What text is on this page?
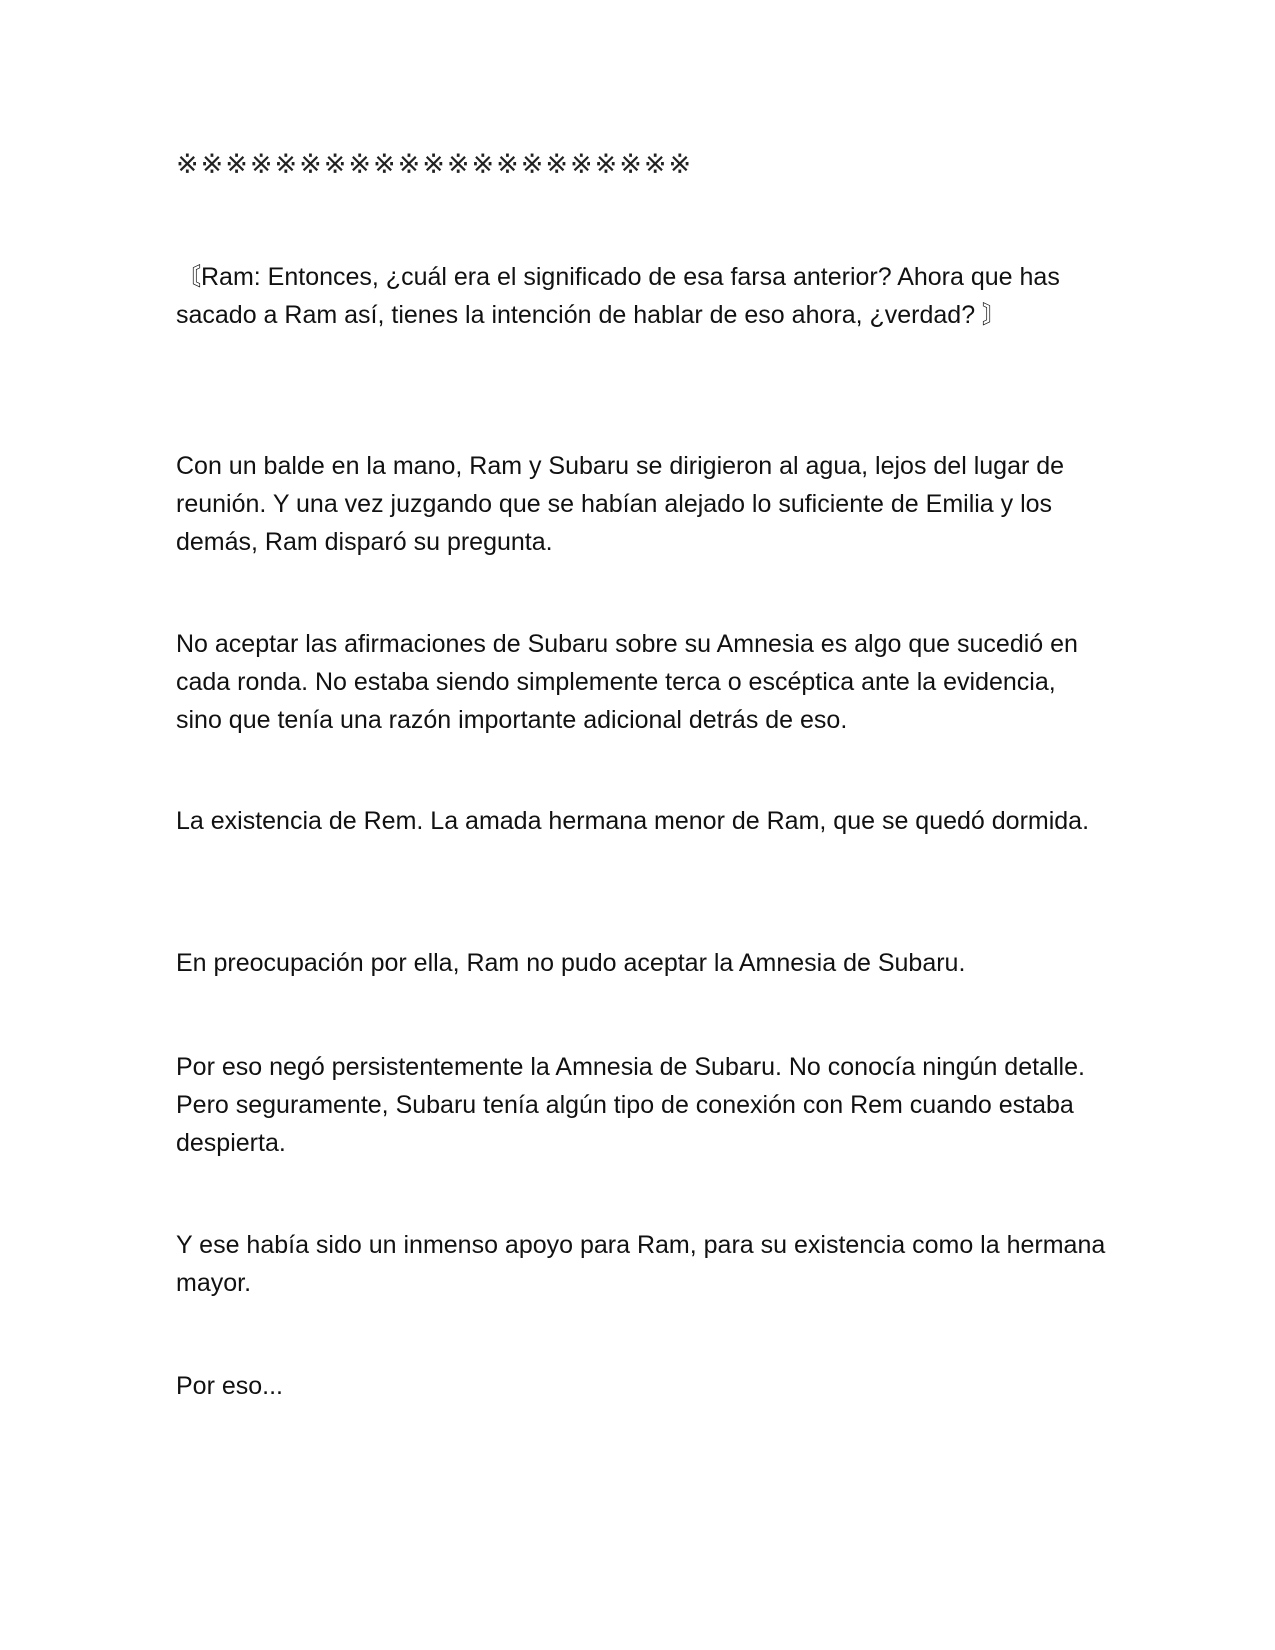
※※※※※※※※※※※※※※※※※※※※※

〘Ram: Entonces, ¿cuál era el significado de esa farsa anterior? Ahora que has sacado a Ram así, tienes la intención de hablar de eso ahora, ¿verdad? 〙

Con un balde en la mano, Ram y Subaru se dirigieron al agua, lejos del lugar de reunión. Y una vez juzgando que se habían alejado lo suficiente de Emilia y los demás, Ram disparó su pregunta.

No aceptar las afirmaciones de Subaru sobre su Amnesia es algo que sucedió en cada ronda. No estaba siendo simplemente terca o escéptica ante la evidencia, sino que tenía una razón importante adicional detrás de eso.

La existencia de Rem. La amada hermana menor de Ram, que se quedó dormida.

En preocupación por ella, Ram no pudo aceptar la Amnesia de Subaru.

Por eso negó persistentemente la Amnesia de Subaru. No conocía ningún detalle. Pero seguramente, Subaru tenía algún tipo de conexión con Rem cuando estaba despierta.

Y ese había sido un inmenso apoyo para Ram, para su existencia como la hermana mayor.

Por eso...
